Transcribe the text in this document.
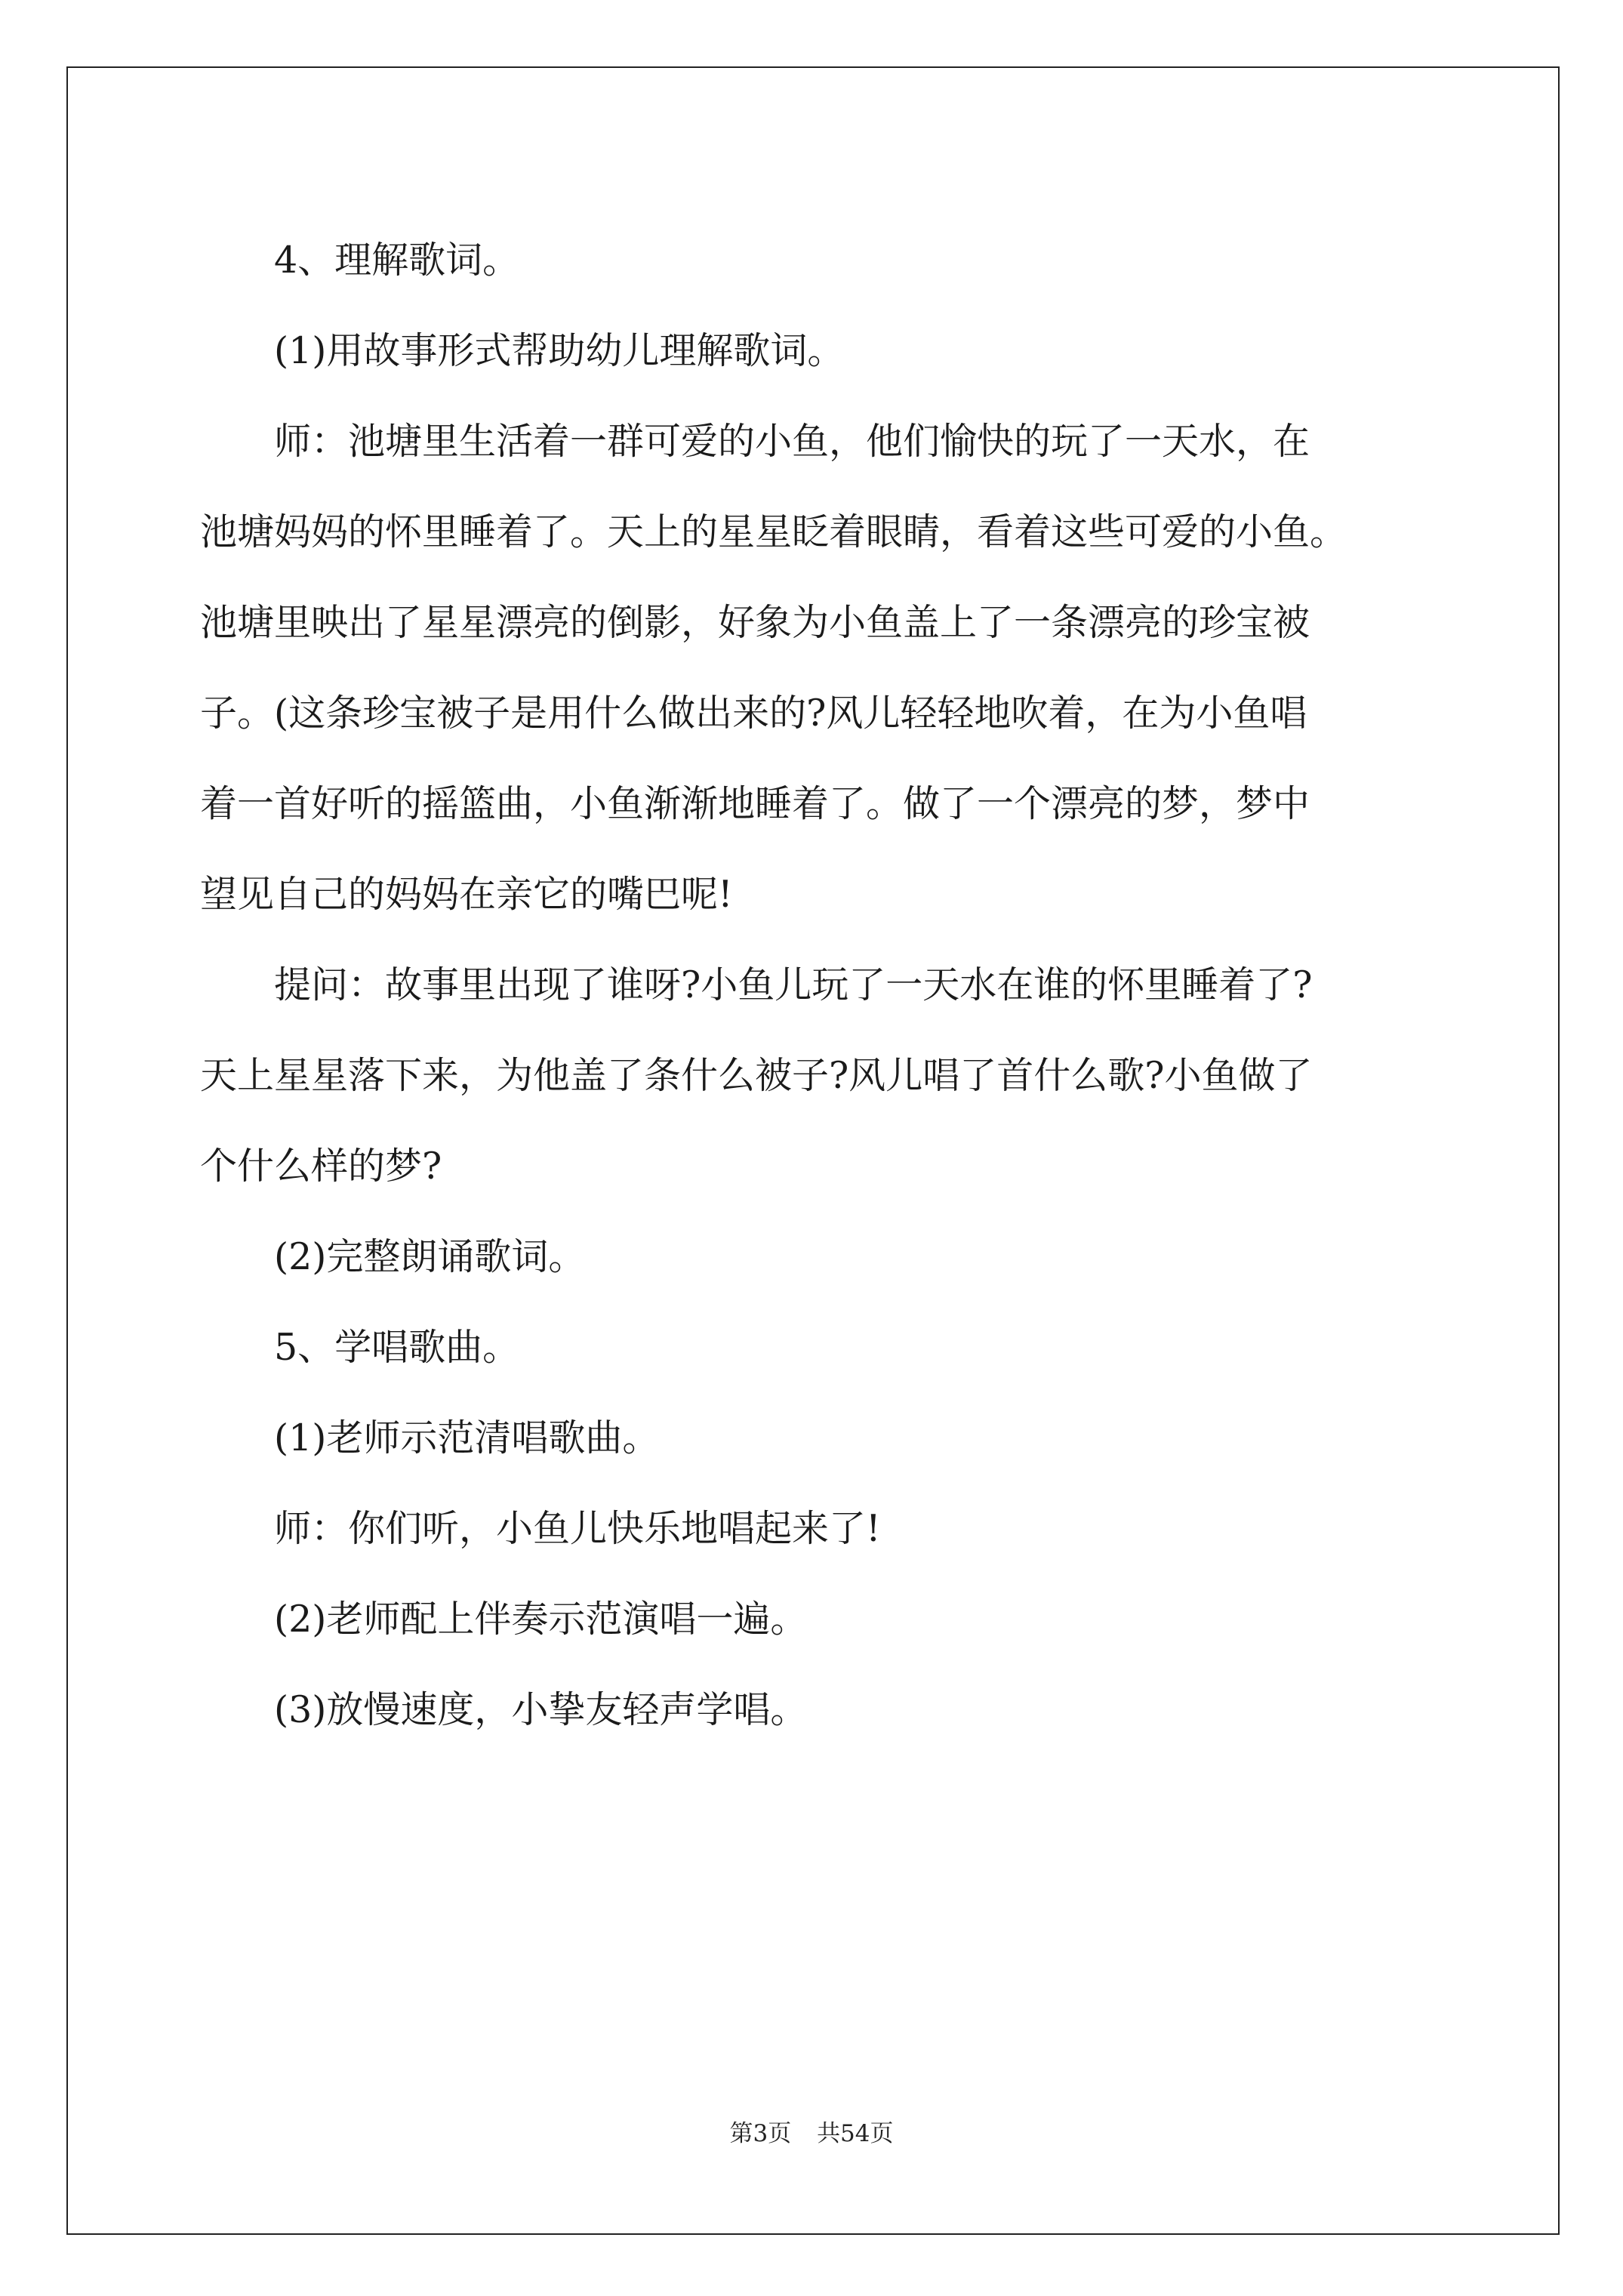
4、理解歌词。

(1)用故事形式帮助幼儿理解歌词。

师：池塘里生活着一群可爱的小鱼，他们愉快的玩了一天水，在
池塘妈妈的怀里睡着了。天上的星星眨着眼睛，看着这些可爱的小鱼。
池塘里映出了星星漂亮的倒影，好象为小鱼盖上了一条漂亮的珍宝被
子。(这条珍宝被子是用什么做出来的?风儿轻轻地吹着，在为小鱼唱
着一首好听的摇篮曲，小鱼渐渐地睡着了。做了一个漂亮的梦，梦中
望见自己的妈妈在亲它的嘴巴呢!

提问：故事里出现了谁呀?小鱼儿玩了一天水在谁的怀里睡着了?
天上星星落下来，为他盖了条什么被子?风儿唱了首什么歌?小鱼做了
个什么样的梦?

(2)完整朗诵歌词。

5、学唱歌曲。

(1)老师示范清唱歌曲。

师：你们听，小鱼儿快乐地唱起来了!

(2)老师配上伴奏示范演唱一遍。

(3)放慢速度，小挚友轻声学唱。

第3页 共54页
